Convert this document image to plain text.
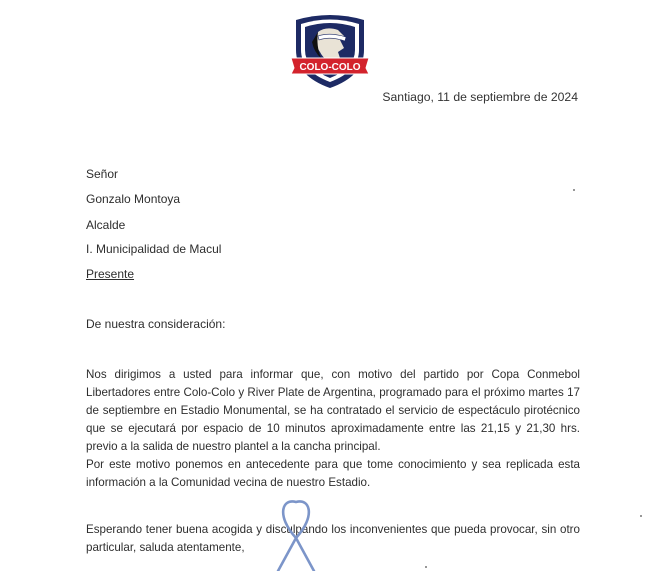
COLO-COLO
Santiago, 11 de septiembre de 2024
Señor
Gonzalo Montoya
Alcalde
I. Municipalidad de Macul
Presente
De nuestra consideración:

Nos dirigimos a usted para informar que, con motivo del partido por Copa Conmebol Libertadores entre Colo-Colo y River Plate de Argentina, programado para el próximo martes 17 de septiembre en Estadio Monumental, se ha contratado el servicio de espectáculo pirotécnico que se ejecutará por espacio de 10 minutos aproximadamente entre las 21,15 y 21,30 hrs. previo a la salida de nuestro plantel a la cancha principal.

Por este motivo ponemos en antecedente para que tome conocimiento y sea replicada esta información a la Comunidad vecina de nuestro Estadio.

Esperando tener buena acogida y disculpando los inconvenientes que pueda provocar, sin otro particular, saluda atentamente,
